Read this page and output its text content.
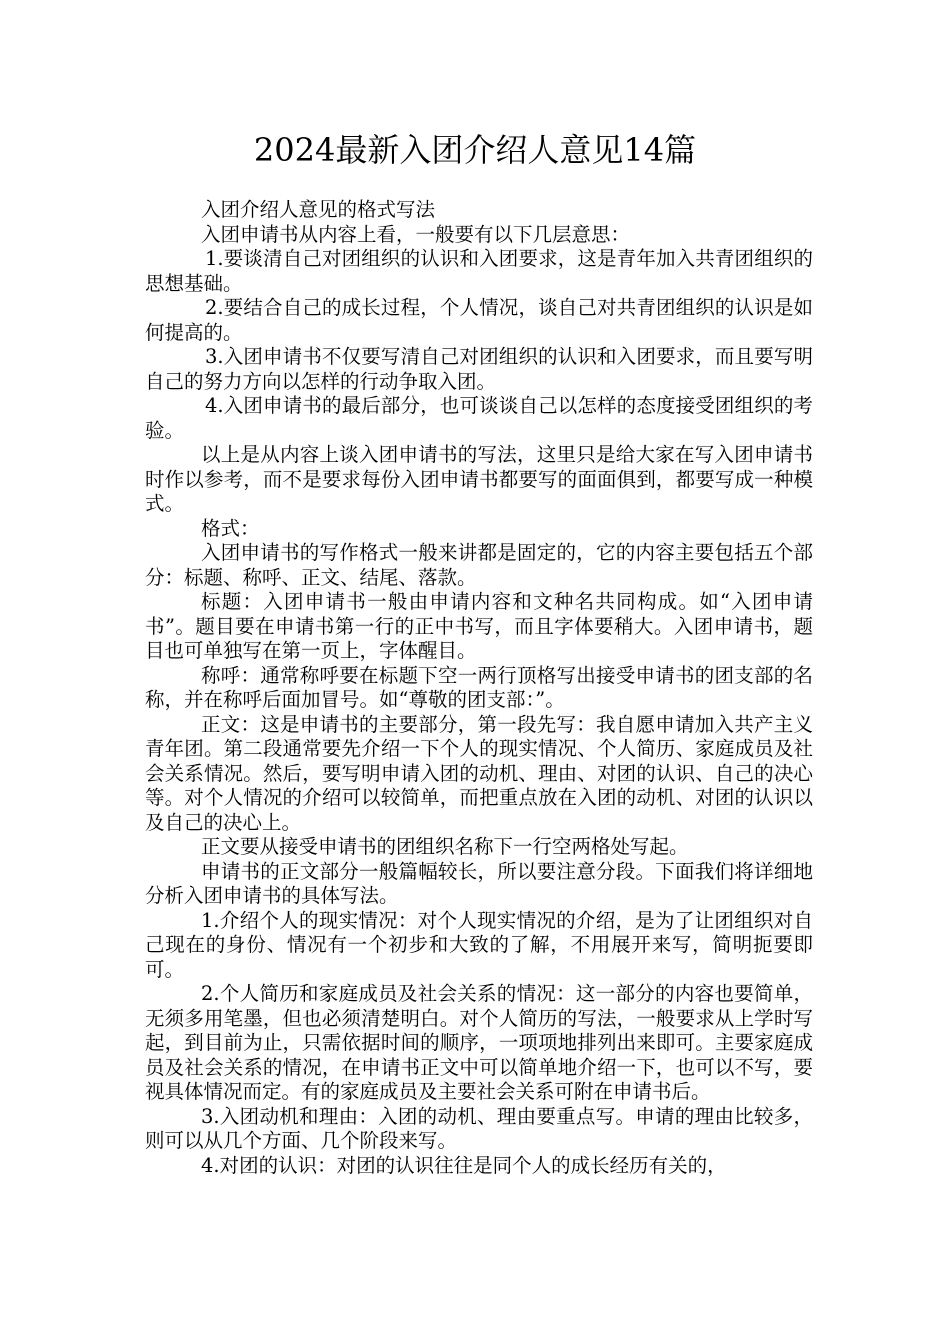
2024最新入团介绍人意见14篇

入团介绍人意见的格式写法

入团申请书从内容上看，一般要有以下几层意思：

1.要谈清自己对团组织的认识和入团要求，这是青年加入共青团组织的思想基础。

2.要结合自己的成长过程，个人情况，谈自己对共青团组织的认识是如何提高的。

3.入团申请书不仅要写清自己对团组织的认识和入团要求，而且要写明自己的努力方向以怎样的行动争取入团。

4.入团申请书的最后部分，也可谈谈自己以怎样的态度接受团组织的考验。

以上是从内容上谈入团申请书的写法，这里只是给大家在写入团申请书时作以参考，而不是要求每份入团申请书都要写的面面俱到，都要写成一种模式。

格式：

入团申请书的写作格式一般来讲都是固定的，它的内容主要包括五个部分：标题、称呼、正文、结尾、落款。

标题：入团申请书一般由申请内容和文种名共同构成。如“入团申请书”。题目要在申请书第一行的正中书写，而且字体要稍大。入团申请书，题目也可单独写在第一页上，字体醒目。

称呼：通常称呼要在标题下空一两行顶格写出接受申请书的团支部的名称，并在称呼后面加冒号。如“尊敬的团支部：”。

正文：这是申请书的主要部分，第一段先写：我自愿申请加入共产主义青年团。第二段通常要先介绍一下个人的现实情况、个人简历、家庭成员及社会关系情况。然后，要写明申请入团的动机、理由、对团的认识、自己的决心等。对个人情况的介绍可以较简单，而把重点放在入团的动机、对团的认识以及自己的决心上。

正文要从接受申请书的团组织名称下一行空两格处写起。

申请书的正文部分一般篇幅较长，所以要注意分段。下面我们将详细地分析入团申请书的具体写法。

1.介绍个人的现实情况：对个人现实情况的介绍，是为了让团组织对自己现在的身份、情况有一个初步和大致的了解，不用展开来写，简明扼要即可。

2.个人简历和家庭成员及社会关系的情况：这一部分的内容也要简单，无须多用笔墨，但也必须清楚明白。对个人简历的写法，一般要求从上学时写起，到目前为止，只需依据时间的顺序，一项项地排列出来即可。主要家庭成员及社会关系的情况，在申请书正文中可以简单地介绍一下，也可以不写，要视具体情况而定。有的家庭成员及主要社会关系可附在申请书后。

3.入团动机和理由：入团的动机、理由要重点写。申请的理由比较多，则可以从几个方面、几个阶段来写。

4.对团的认识：对团的认识往往是同个人的成长经历有关的，
